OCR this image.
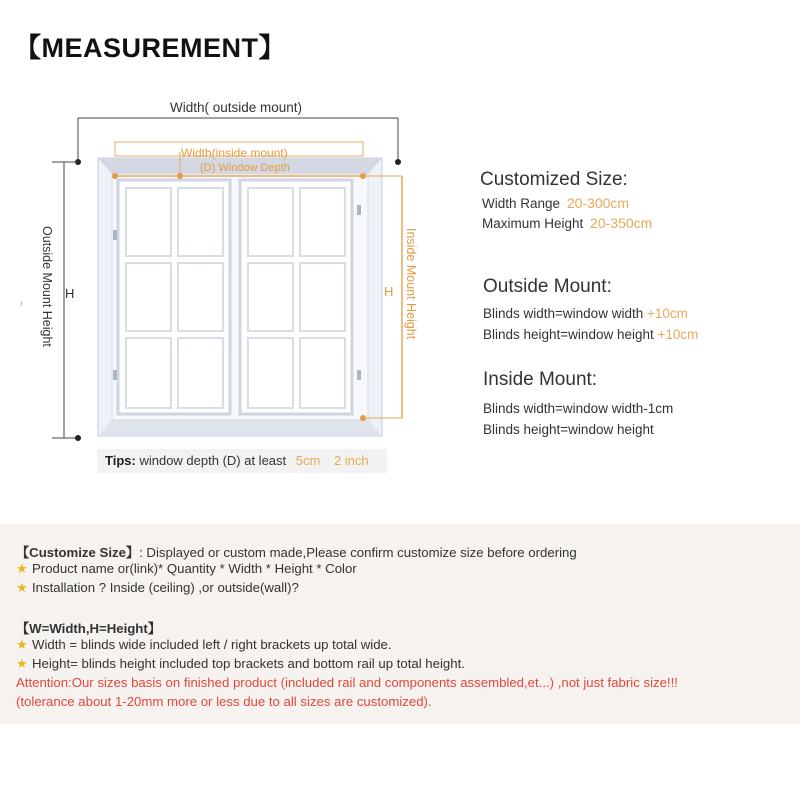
【MEASUREMENT】
Width( outside mount)
Width(inside mount)
(D) Window Depth
Outside Mount Height	Inside Mount Height
H	H
⁾
Tips: window depth (D) at least 5cm 2 inch
Customized Size:
Width Range 20-300cm
Maximum Height 20-350cm
Outside Mount:
Blinds width=window width +10cm
Blinds height=window height +10cm
Inside Mount:
Blinds width=window width-1cm
Blinds height=window height
【Customize Size】: Displayed or custom made,Please confirm customize size before ordering
★ Product name or(link)* Quantity * Width * Height * Color
★ Installation ? Inside (ceiling) ,or outside(wall)?
【W=Width,H=Height】
★ Width = blinds wide included left / right brackets up total wide.
★ Height= blinds height included top brackets and bottom rail up total height.
Attention:Our sizes basis on finished product (included rail and components assembled,et...) ,not just fabric size!!!
(tolerance about 1-20mm more or less due to all sizes are customized).
